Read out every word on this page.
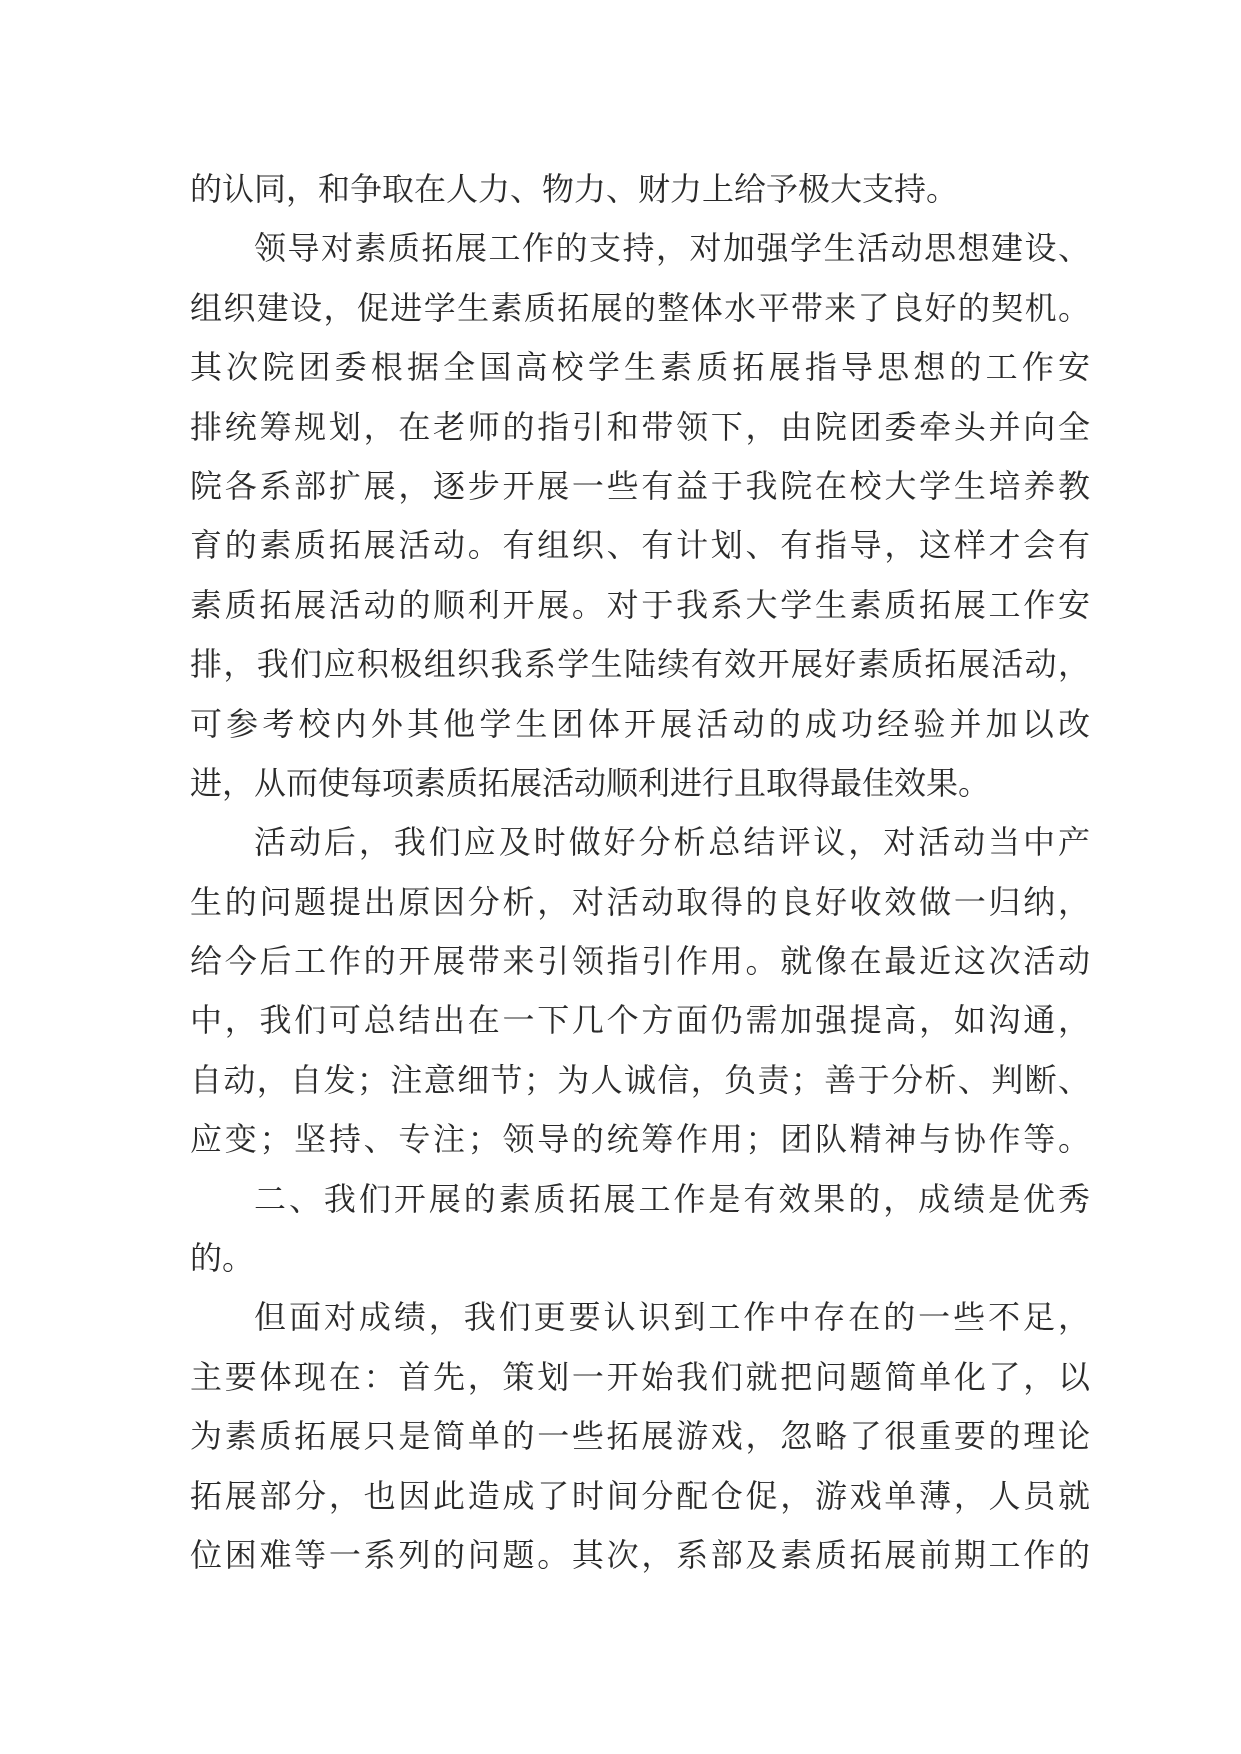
的认同，和争取在人力、物力、财力上给予极大支持。
领导对素质拓展工作的支持，对加强学生活动思想建设、
组织建设，促进学生素质拓展的整体水平带来了良好的契机。
其次院团委根据全国高校学生素质拓展指导思想的工作安
排统筹规划，在老师的指引和带领下，由院团委牵头并向全
院各系部扩展，逐步开展一些有益于我院在校大学生培养教
育的素质拓展活动。有组织、有计划、有指导，这样才会有
素质拓展活动的顺利开展。对于我系大学生素质拓展工作安
排，我们应积极组织我系学生陆续有效开展好素质拓展活动，
可参考校内外其他学生团体开展活动的成功经验并加以改
进，从而使每项素质拓展活动顺利进行且取得最佳效果。
活动后，我们应及时做好分析总结评议，对活动当中产
生的问题提出原因分析，对活动取得的良好收效做一归纳，
给今后工作的开展带来引领指引作用。就像在最近这次活动
中，我们可总结出在一下几个方面仍需加强提高，如沟通，
自动，自发；注意细节；为人诚信，负责；善于分析、判断、
应变；坚持、专注；领导的统筹作用；团队精神与协作等。
二、我们开展的素质拓展工作是有效果的，成绩是优秀
的。
但面对成绩，我们更要认识到工作中存在的一些不足，
主要体现在：首先，策划一开始我们就把问题简单化了，以
为素质拓展只是简单的一些拓展游戏，忽略了很重要的理论
拓展部分，也因此造成了时间分配仓促，游戏单薄，人员就
位困难等一系列的问题。其次，系部及素质拓展前期工作的
